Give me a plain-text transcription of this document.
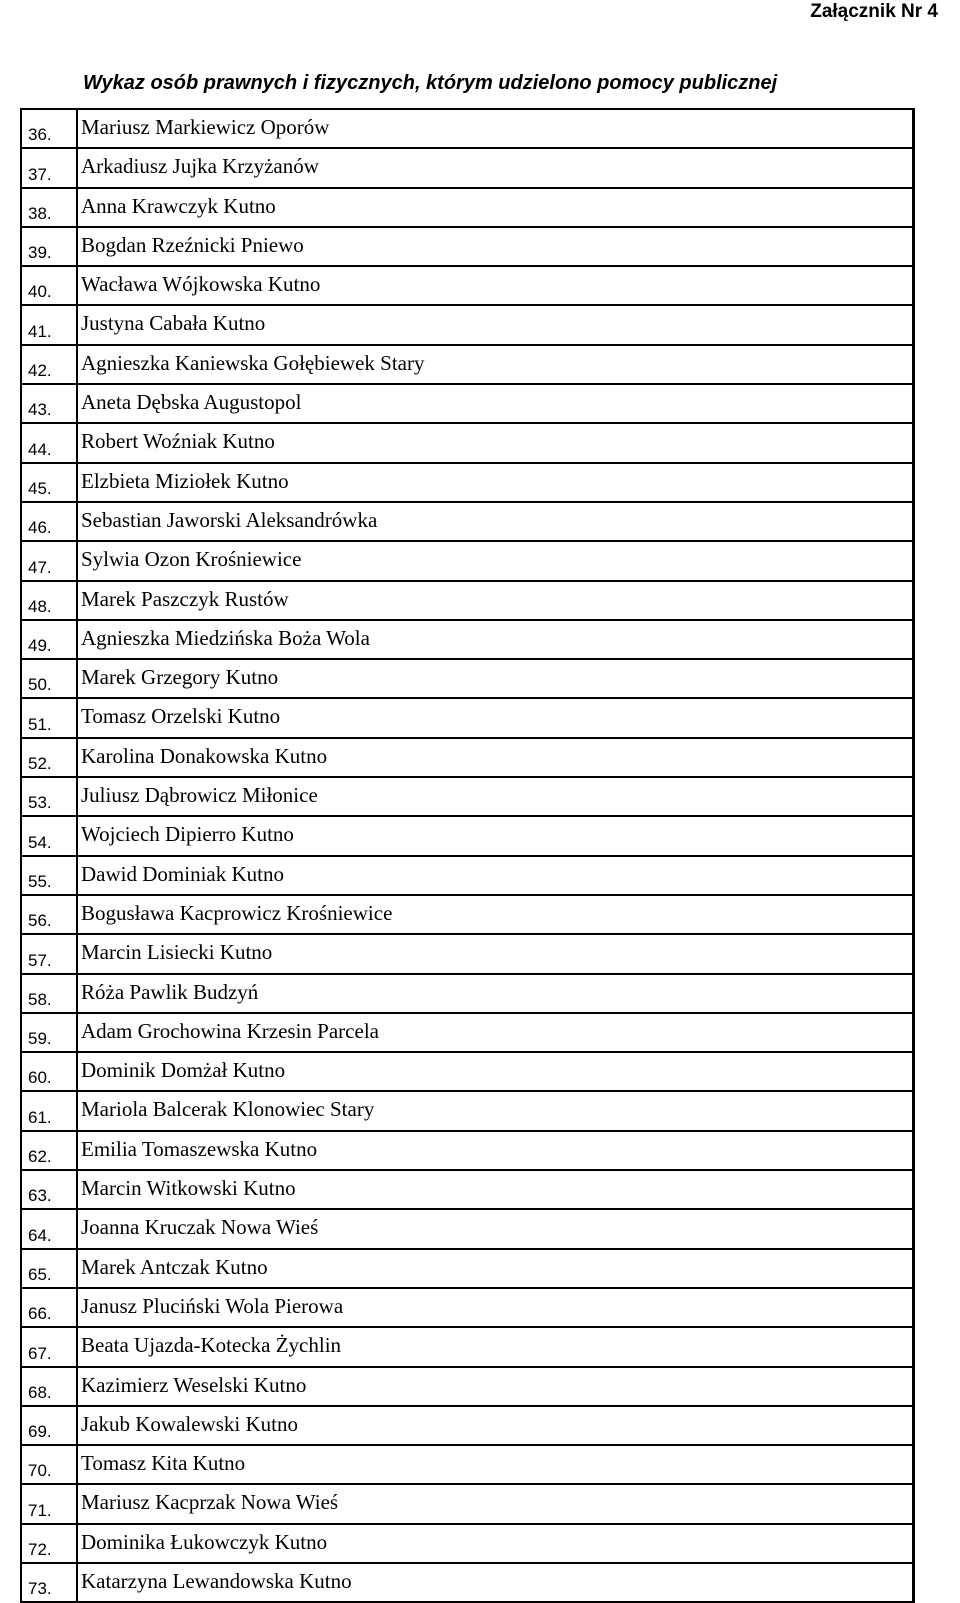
Załącznik Nr 4
Wykaz osób prawnych i fizycznych, którym udzielono pomocy publicznej
36.	Mariusz Markiewicz Oporów
37.	Arkadiusz Jujka Krzyżanów
38.	Anna Krawczyk Kutno
39.	Bogdan Rzeźnicki Pniewo
40.	Wacława Wójkowska Kutno
41.	Justyna Cabała Kutno
42.	Agnieszka Kaniewska Gołębiewek Stary
43.	Aneta Dębska Augustopol
44.	Robert Woźniak Kutno
45.	Elzbieta Miziołek Kutno
46.	Sebastian Jaworski Aleksandrówka
47.	Sylwia Ozon Krośniewice
48.	Marek Paszczyk Rustów
49.	Agnieszka Miedzińska Boża Wola
50.	Marek Grzegory Kutno
51.	Tomasz Orzelski Kutno
52.	Karolina Donakowska Kutno
53.	Juliusz Dąbrowicz Miłonice
54.	Wojciech Dipierro Kutno
55.	Dawid Dominiak Kutno
56.	Bogusława Kacprowicz Krośniewice
57.	Marcin Lisiecki Kutno
58.	Róża Pawlik Budzyń
59.	Adam Grochowina Krzesin Parcela
60.	Dominik Domżał Kutno
61.	Mariola Balcerak Klonowiec Stary
62.	Emilia Tomaszewska Kutno
63.	Marcin Witkowski Kutno
64.	Joanna Kruczak Nowa Wieś
65.	Marek Antczak Kutno
66.	Janusz Pluciński Wola Pierowa
67.	Beata Ujazda-Kotecka Żychlin
68.	Kazimierz Weselski Kutno
69.	Jakub Kowalewski Kutno
70.	Tomasz Kita Kutno
71.	Mariusz Kacprzak Nowa Wieś
72.	Dominika Łukowczyk Kutno
73.	Katarzyna Lewandowska Kutno
